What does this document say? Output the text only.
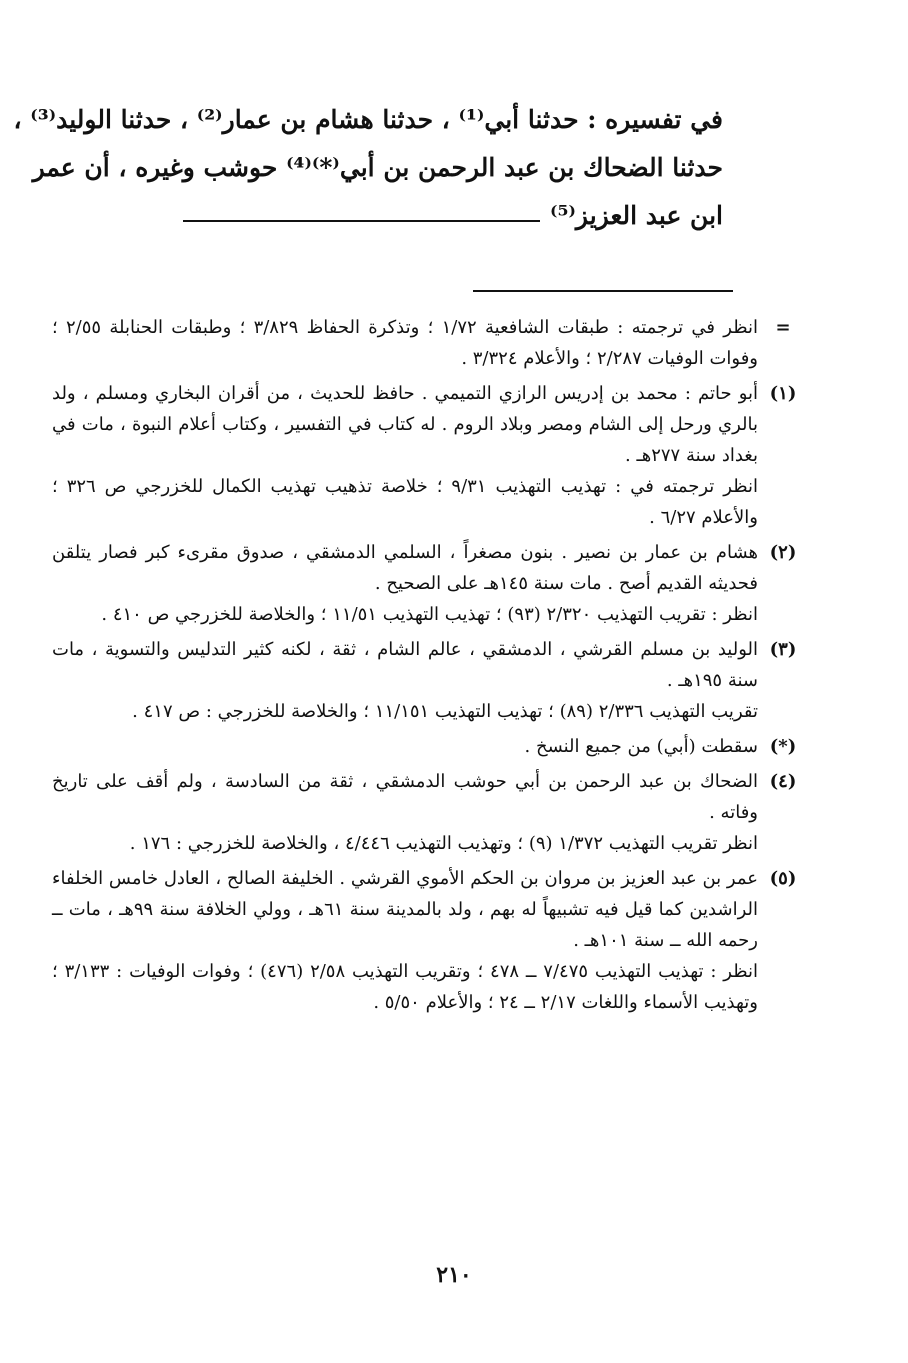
في تفسيره : حدثنا أبي⁽¹⁾ ، حدثنا هشام بن عمار⁽²⁾ ، حدثنا الوليد⁽³⁾ ،
حدثنا الضحاك بن عبد الرحمن بن أبي⁽*⁾⁽⁴⁾ حوشب وغيره ، أن عمر
ابن عبد العزيز⁽⁵⁾
=

انظر في ترجمته : طبقات الشافعية ١/٧٢ ؛ وتذكرة الحفاظ ٣/٨٢٩ ؛ وطبقات الحنابلة ٢/٥٥ ؛ وفوات الوفيات ٢/٢٨٧ ؛ والأعلام ٣/٣٢٤ .

(١)

أبو حاتم : محمد بن إدريس الرازي التميمي . حافظ للحديث ، من أقران البخاري ومسلم ، ولد بالري ورحل إلى الشام ومصر وبلاد الروم . له كتاب في التفسير ، وكتاب أعلام النبوة ، مات في بغداد سنة ٢٧٧هـ .

انظر ترجمته في : تهذيب التهذيب ٩/٣١ ؛ خلاصة تذهيب تهذيب الكمال للخزرجي ص ٣٢٦ ؛ والأعلام ٦/٢٧ .

(٢)

هشام بن عمار بن نصير . بنون مصغراً ، السلمي الدمشقي ، صدوق مقرىء كبر فصار يتلقن فحديثه القديم أصح . مات سنة ١٤٥هـ على الصحيح .

انظر : تقريب التهذيب ٢/٣٢٠ (٩٣) ؛ تهذيب التهذيب ١١/٥١ ؛ والخلاصة للخزرجي ص ٤١٠ .

(٣)

الوليد بن مسلم القرشي ، الدمشقي ، عالم الشام ، ثقة ، لكنه كثير التدليس والتسوية ، مات سنة ١٩٥هـ .

تقريب التهذيب ٢/٣٣٦ (٨٩) ؛ تهذيب التهذيب ١١/١٥١ ؛ والخلاصة للخزرجي : ص ٤١٧ .

(*)

سقطت (أبي) من جميع النسخ .

(٤)

الضحاك بن عبد الرحمن بن أبي حوشب الدمشقي ، ثقة من السادسة ، ولم أقف على تاريخ وفاته .

انظر تقريب التهذيب ١/٣٧٢ (٩) ؛ وتهذيب التهذيب ٤/٤٤٦ ، والخلاصة للخزرجي : ١٧٦ .

(٥)

عمر بن عبد العزيز بن مروان بن الحكم الأموي القرشي . الخليفة الصالح ، العادل خامس الخلفاء الراشدين كما قيل فيه تشبيهاً له بهم ، ولد بالمدينة سنة ٦١هـ ، وولي الخلافة سنة ٩٩هـ ، مات ــ رحمه الله ــ سنة ١٠١هـ .

انظر : تهذيب التهذيب ٧/٤٧٥ ــ ٤٧٨ ؛ وتقريب التهذيب ٢/٥٨ (٤٧٦) ؛ وفوات الوفيات : ٣/١٣٣ ؛ وتهذيب الأسماء واللغات ٢/١٧ ــ ٢٤ ؛ والأعلام ٥/٥٠ .

٢١٠
